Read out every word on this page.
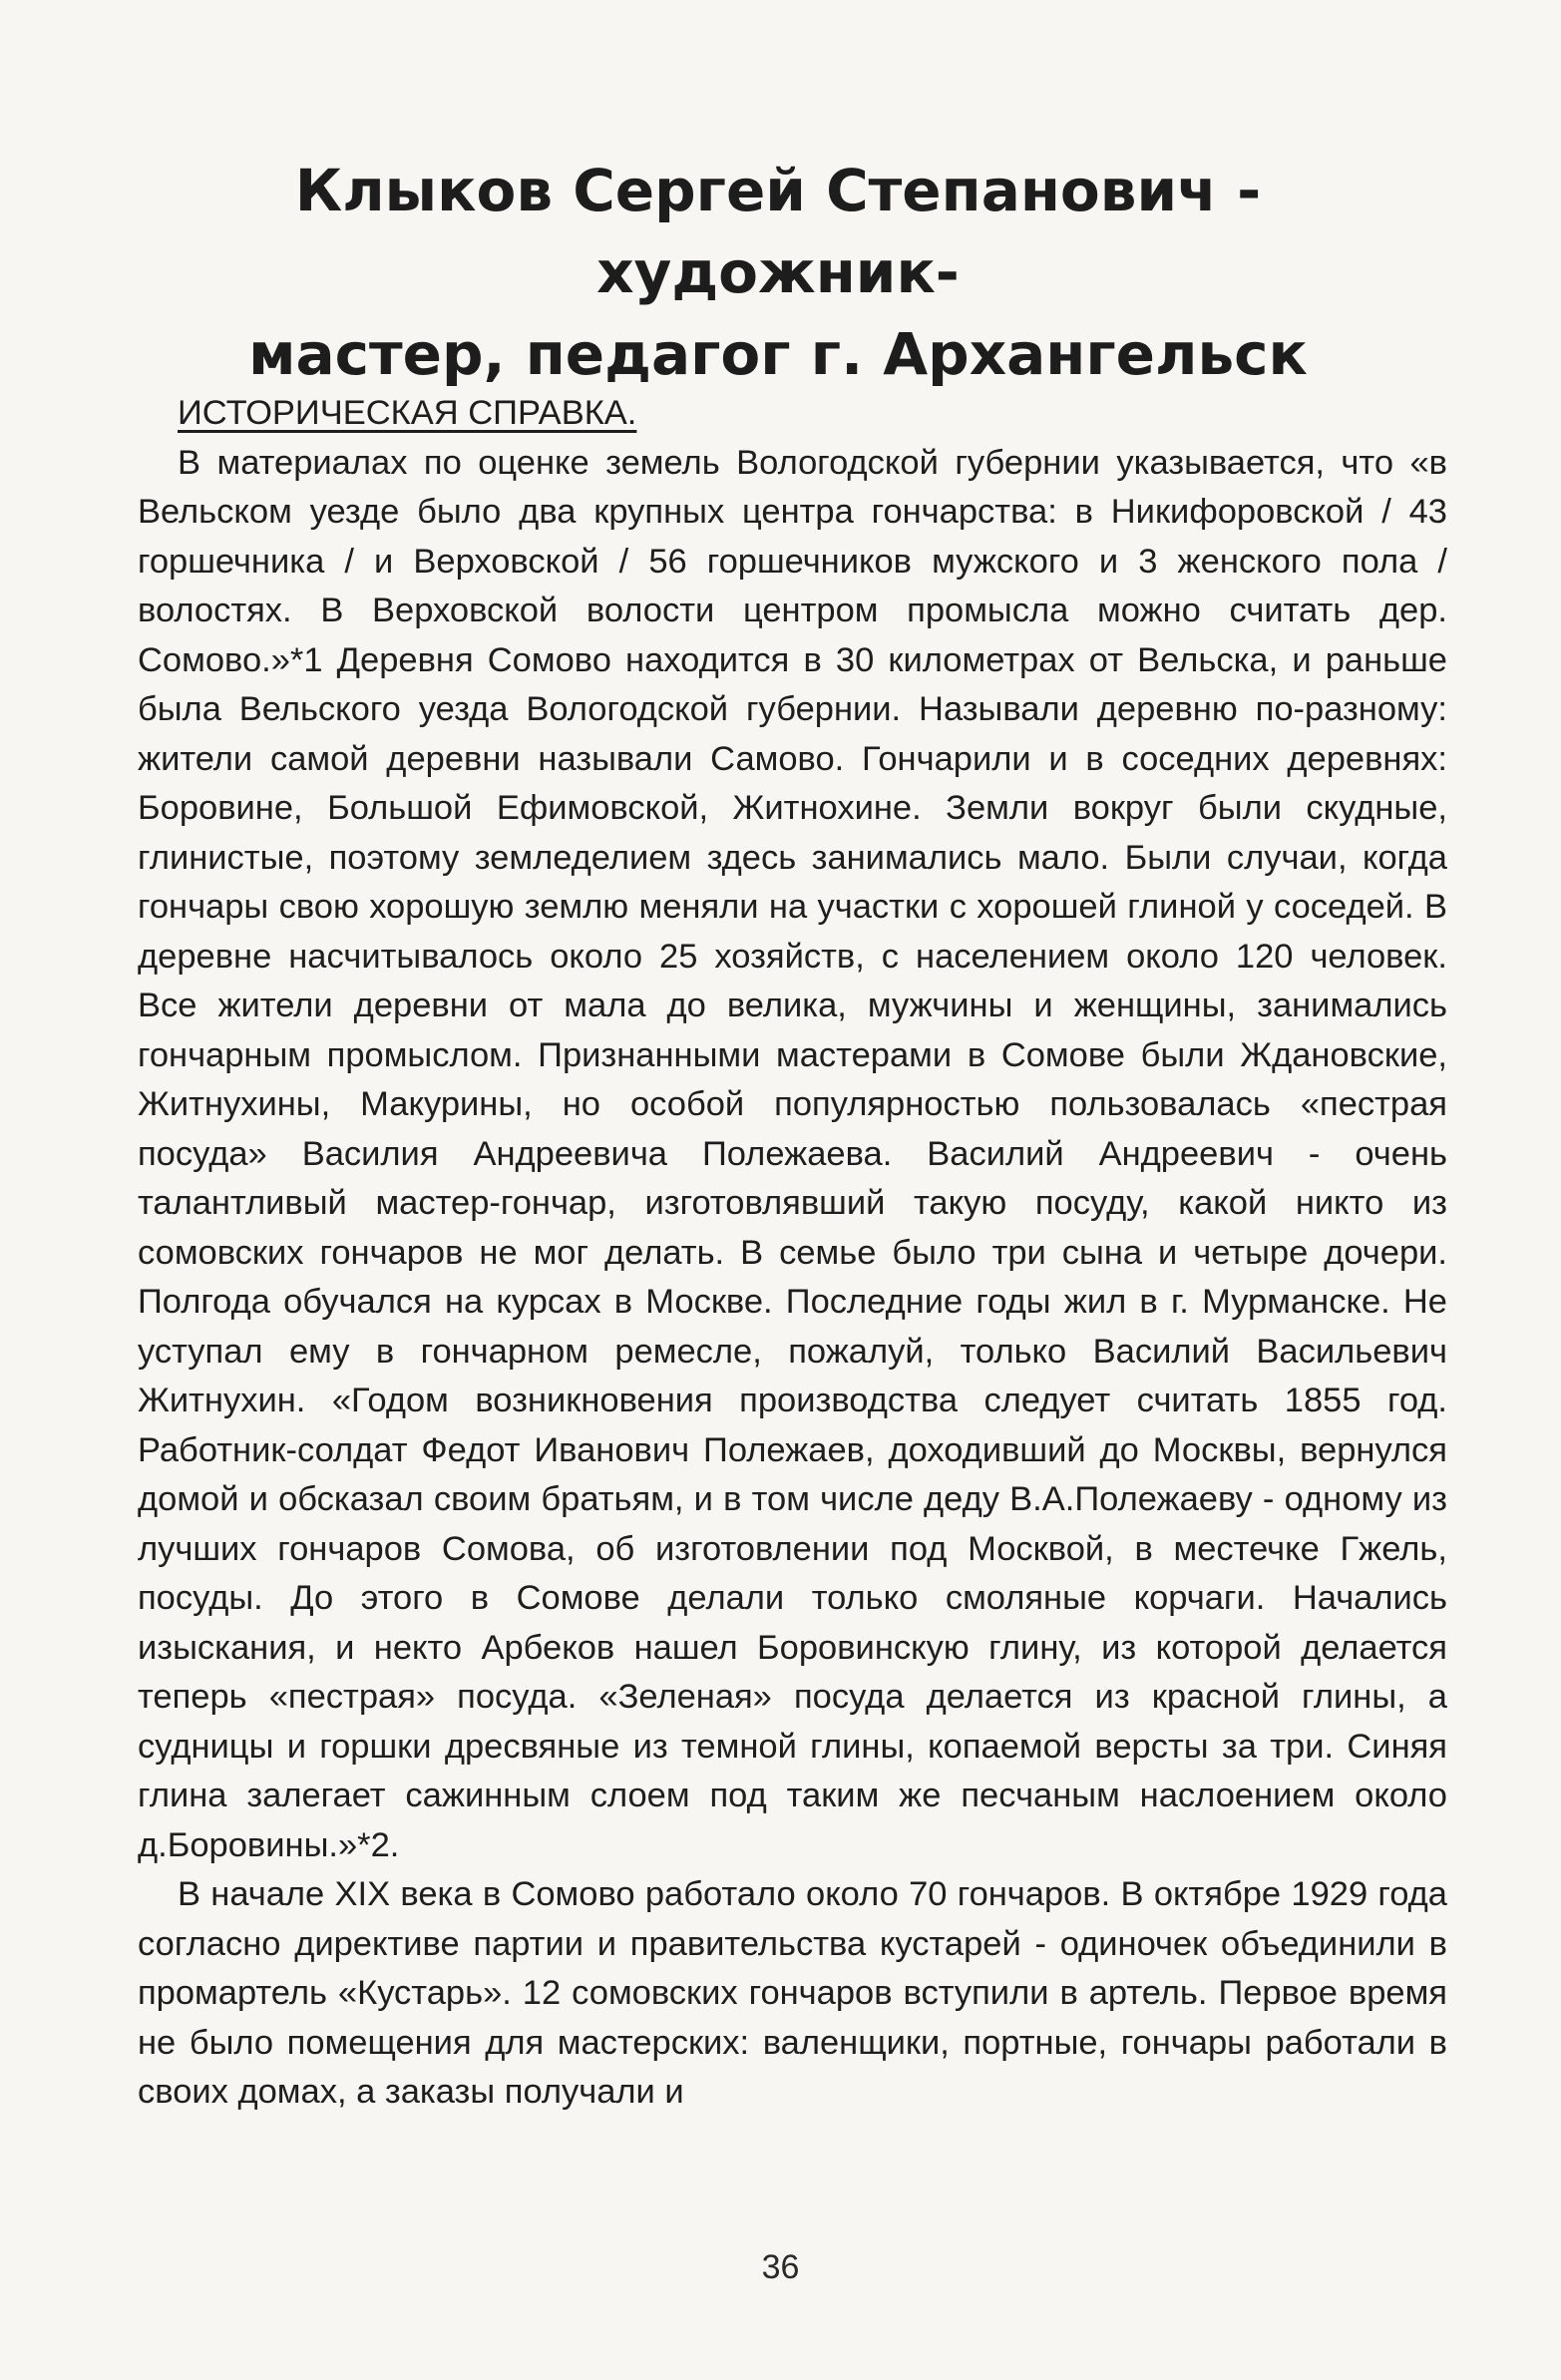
Клыков Сергей Степанович - художник-
мастер, педагог г. Архангельск

ИСТОРИЧЕСКАЯ СПРАВКА.

В материалах по оценке земель Вологодской губернии указывается, что «в Вельском уезде было два крупных центра гончарства: в Никифоровской / 43 горшечника / и Верховской / 56 горшечников мужского и 3 женского пола / волостях. В Верховской волости центром промысла можно считать дер. Сомово.»*1 Деревня Сомово находится в 30 километрах от Вельска, и раньше была Вельского уезда Вологодской губернии. Называли деревню по-разному: жители самой деревни называли Самово. Гончарили и в соседних деревнях: Боровине, Большой Ефимовской, Житнохине. Земли вокруг были скудные, глинистые, поэтому земледелием здесь занимались мало. Были случаи, когда гончары свою хорошую землю меняли на участки с хорошей глиной у соседей. В деревне насчитывалось около 25 хозяйств, с населением около 120 человек. Все жители деревни от мала до велика, мужчины и женщины, занимались гончарным промыслом. Признанными мастерами в Сомове были Ждановские, Житнухины, Макурины, но особой популярностью пользовалась «пестрая посуда» Василия Андреевича Полежаева. Василий Андреевич - очень талантливый мастер-гончар, изготовлявший такую посуду, какой никто из сомовских гончаров не мог делать. В семье было три сына и четыре дочери. Полгода обучался на курсах в Москве. Последние годы жил в г. Мурманске. Не уступал ему в гончарном ремесле, пожалуй, только Василий Васильевич Житнухин. «Годом возникновения производства следует считать 1855 год. Работник-солдат Федот Иванович Полежаев, доходивший до Москвы, вернулся домой и обсказал своим братьям, и в том числе деду В.А.Полежаеву - одному из лучших гончаров Сомова, об изготовлении под Москвой, в местечке Гжель, посуды. До этого в Сомове делали только смоляные корчаги. Начались изыскания, и некто Арбеков нашел Боровинскую глину, из которой делается теперь «пестрая» посуда. «Зеленая» посуда делается из красной глины, а судницы и горшки дресвяные из темной глины, копаемой версты за три. Синяя глина залегает сажинным слоем под таким же песчаным наслоением около д.Боровины.»*2.

В начале XIX века в Сомово работало около 70 гончаров. В октябре 1929 года согласно директиве партии и правительства кустарей - одиночек объединили в промартель «Кустарь». 12 сомовских гончаров вступили в артель. Первое время не было помещения для мастерских: валенщики, портные, гончары работали в своих домах, а заказы получали и

36
